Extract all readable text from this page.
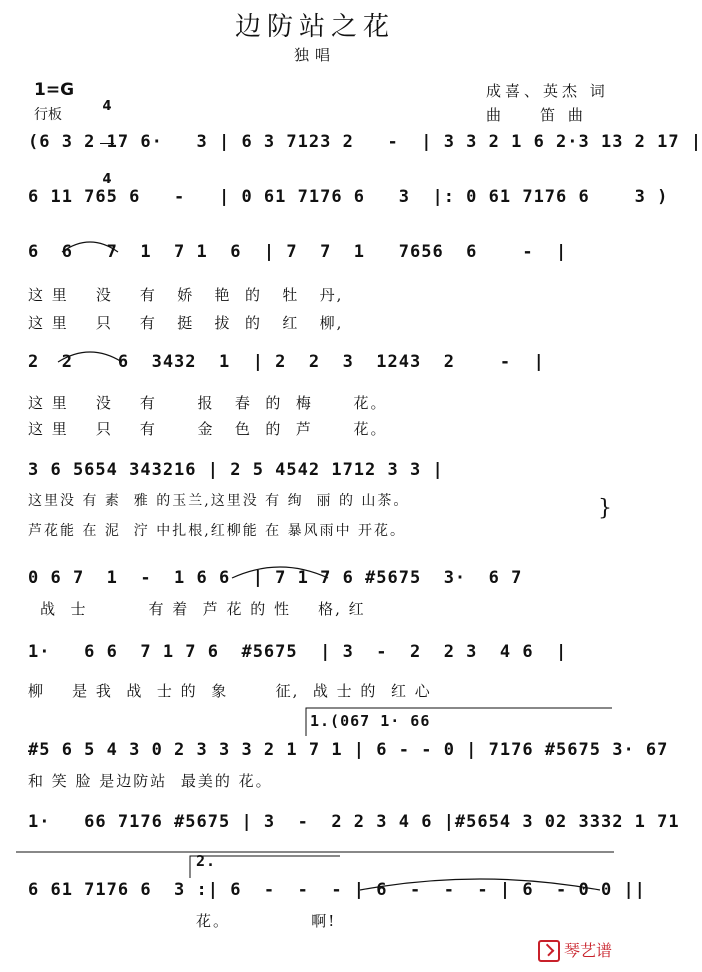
边防站之花
独唱
1=G

4

4

行板
成喜、英杰 词
曲    笛 曲
(6 3 2 17 6·   3 | 6 3 7123 2   -  | 3 3 2 1 6 2·3 13 2 17 |
6 11 765 6   -   | 0 61 7176 6   3  |: 0 61 7176 6    3 )
6  6   7  1  7 1  6  | 7  7  1   7656  6    -  |
这 里    没    有   娇   艳  的   牡   丹,
这 里    只    有   挺   拔  的   红   柳,
2  2    6  3432  1  | 2  2  3  1243  2    -  |
这 里    没    有      报   春  的  梅      花。
这 里    只    有      金   色  的  芦      花。
3 6 5654 343216 | 2 5 4542 1712 3 3 |
这里没 有 素  雅 的玉兰,这里没 有 绚  丽 的 山茶。
芦花能 在 泥  泞 中扎根,红柳能 在 暴风雨中 开花。
}
0 6 7  1  -  1 6 6  | 7 1 7 6 #5675  3·  6 7
战  士         有 着  芦 花 的 性    格, 红
1·   6 6  7 1 7 6  #5675  | 3  -  2  2 3  4 6  |
柳    是 我  战  士 的  象       征,  战 士 的  红 心
1.(067 1· 66
#5 6 5 4 3 0 2 3 3 3 2 1 7 1 | 6 - - 0 | 7176 #5675 3· 67
和 笑 脸 是边防站  最美的 花。
1·   66 7176 #5675 | 3  -  2 2 3 4 6 |#5654 3 02 3332 1 71
2.
6 61 7176 6  3 :| 6  -  -  - | 6  -  -  - | 6  - 0 0 ||
花。            啊!

琴艺谱
